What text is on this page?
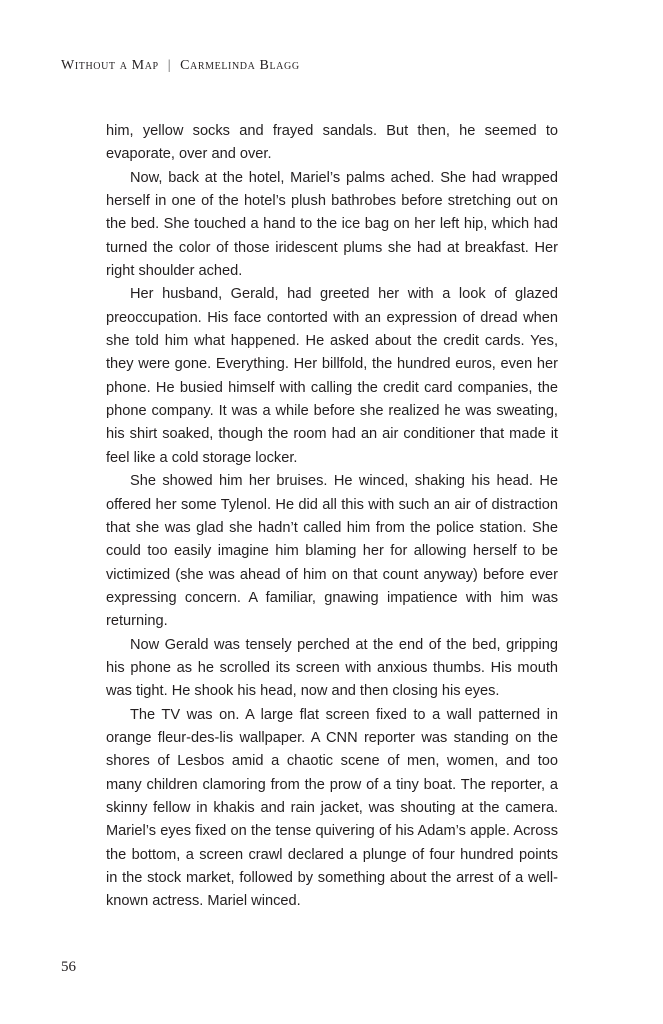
Without a Map | Carmelinda Blagg

him, yellow socks and frayed sandals. But then, he seemed to evaporate, over and over.

Now, back at the hotel, Mariel’s palms ached. She had wrapped herself in one of the hotel’s plush bathrobes before stretching out on the bed. She touched a hand to the ice bag on her left hip, which had turned the color of those iridescent plums she had at breakfast. Her right shoulder ached.

Her husband, Gerald, had greeted her with a look of glazed preoccupation. His face contorted with an expression of dread when she told him what happened. He asked about the credit cards. Yes, they were gone. Everything. Her billfold, the hundred euros, even her phone. He busied himself with calling the credit card companies, the phone company. It was a while before she realized he was sweating, his shirt soaked, though the room had an air conditioner that made it feel like a cold storage locker.

She showed him her bruises. He winced, shaking his head. He offered her some Tylenol. He did all this with such an air of distraction that she was glad she hadn’t called him from the police station. She could too easily imagine him blaming her for allowing herself to be victimized (she was ahead of him on that count anyway) before ever expressing concern. A familiar, gnawing impatience with him was returning.

Now Gerald was tensely perched at the end of the bed, gripping his phone as he scrolled its screen with anxious thumbs. His mouth was tight. He shook his head, now and then closing his eyes.

The TV was on. A large flat screen fixed to a wall patterned in orange fleur-des-lis wallpaper. A CNN reporter was standing on the shores of Lesbos amid a chaotic scene of men, women, and too many children clamoring from the prow of a tiny boat. The reporter, a skinny fellow in khakis and rain jacket, was shouting at the camera. Mariel’s eyes fixed on the tense quivering of his Adam’s apple. Across the bottom, a screen crawl declared a plunge of four hundred points in the stock market, followed by something about the arrest of a well-known actress. Mariel winced.

56
